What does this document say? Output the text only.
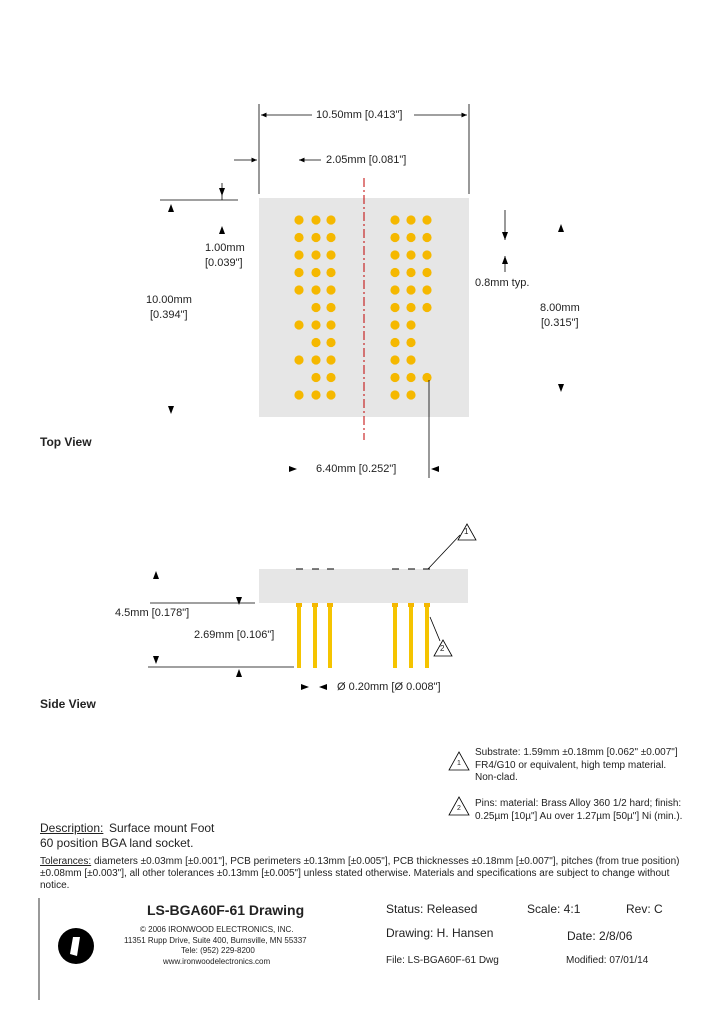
10.50mm [0.413"]
2.05mm [0.081"]
1.00mm
[0.039"]
10.00mm
[0.394"]
0.8mm typ.
8.00mm
[0.315"]
6.40mm [0.252"]
Top View
1
2
4.5mm [0.178"]
2.69mm [0.106"]
Ø 0.20mm [Ø 0.008"]
Side View
1
Substrate: 1.59mm ±0.18mm [0.062" ±0.007"]
FR4/G10 or equivalent, high temp material.
Non-clad.
2 Pins: material: Brass Alloy 360 1/2 hard; finish:
0.25µm [10µ"] Au over 1.27µm [50µ"] Ni (min.).
Description: Surface mount Foot
60 position BGA land socket.
Tolerances: diameters ±0.03mm [±0.001"], PCB perimeters ±0.13mm [±0.005"], PCB thicknesses ±0.18mm [±0.007"], pitches (from true position)
±0.08mm [±0.003"], all other tolerances ±0.13mm [±0.005"] unless stated otherwise. Materials and specifications are subject to change without
notice.
LS-BGA60F-61 Drawing
© 2006 IRONWOOD ELECTRONICS, INC.
11351 Rupp Drive, Suite 400, Burnsville, MN 55337
Tele: (952) 229-8200
www.ironwoodelectronics.com
Status: Released	Scale: 4:1	Rev: C
Drawing: H. Hansen	Date: 2/8/06
File: LS-BGA60F-61 Dwg	Modified: 07/01/14
